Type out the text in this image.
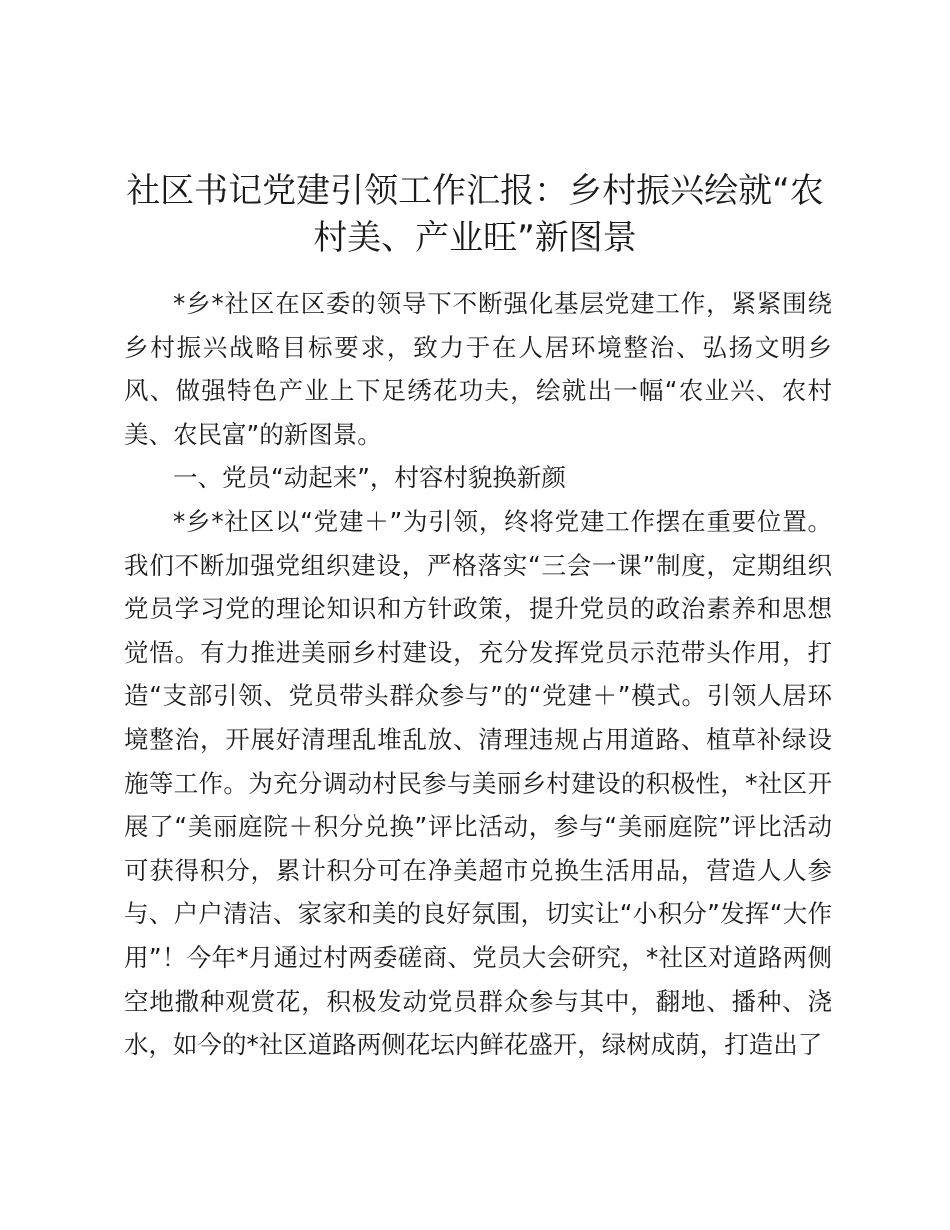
社区书记党建引领工作汇报：乡村振兴绘就“农村美、产业旺”新图景

*乡*社区在区委的领导下不断强化基层党建工作，紧紧围绕乡村振兴战略目标要求，致力于在人居环境整治、弘扬文明乡风、做强特色产业上下足绣花功夫，绘就出一幅“农业兴、农村美、农民富”的新图景。

一、党员“动起来”，村容村貌换新颜

*乡*社区以“党建＋”为引领，终将党建工作摆在重要位置。我们不断加强党组织建设，严格落实“三会一课”制度，定期组织党员学习党的理论知识和方针政策，提升党员的政治素养和思想觉悟。有力推进美丽乡村建设，充分发挥党员示范带头作用，打造“支部引领、党员带头群众参与”的“党建＋”模式。引领人居环境整治，开展好清理乱堆乱放、清理违规占用道路、植草补绿设施等工作。为充分调动村民参与美丽乡村建设的积极性，*社区开展了“美丽庭院＋积分兑换”评比活动，参与“美丽庭院”评比活动可获得积分，累计积分可在净美超市兑换生活用品，营造人人参与、户户清洁、家家和美的良好氛围，切实让“小积分”发挥“大作用”！今年*月通过村两委磋商、党员大会研究，*社区对道路两侧空地撒种观赏花，积极发动党员群众参与其中，翻地、播种、浇水，如今的*社区道路两侧花坛内鲜花盛开，绿树成荫，打造出了
